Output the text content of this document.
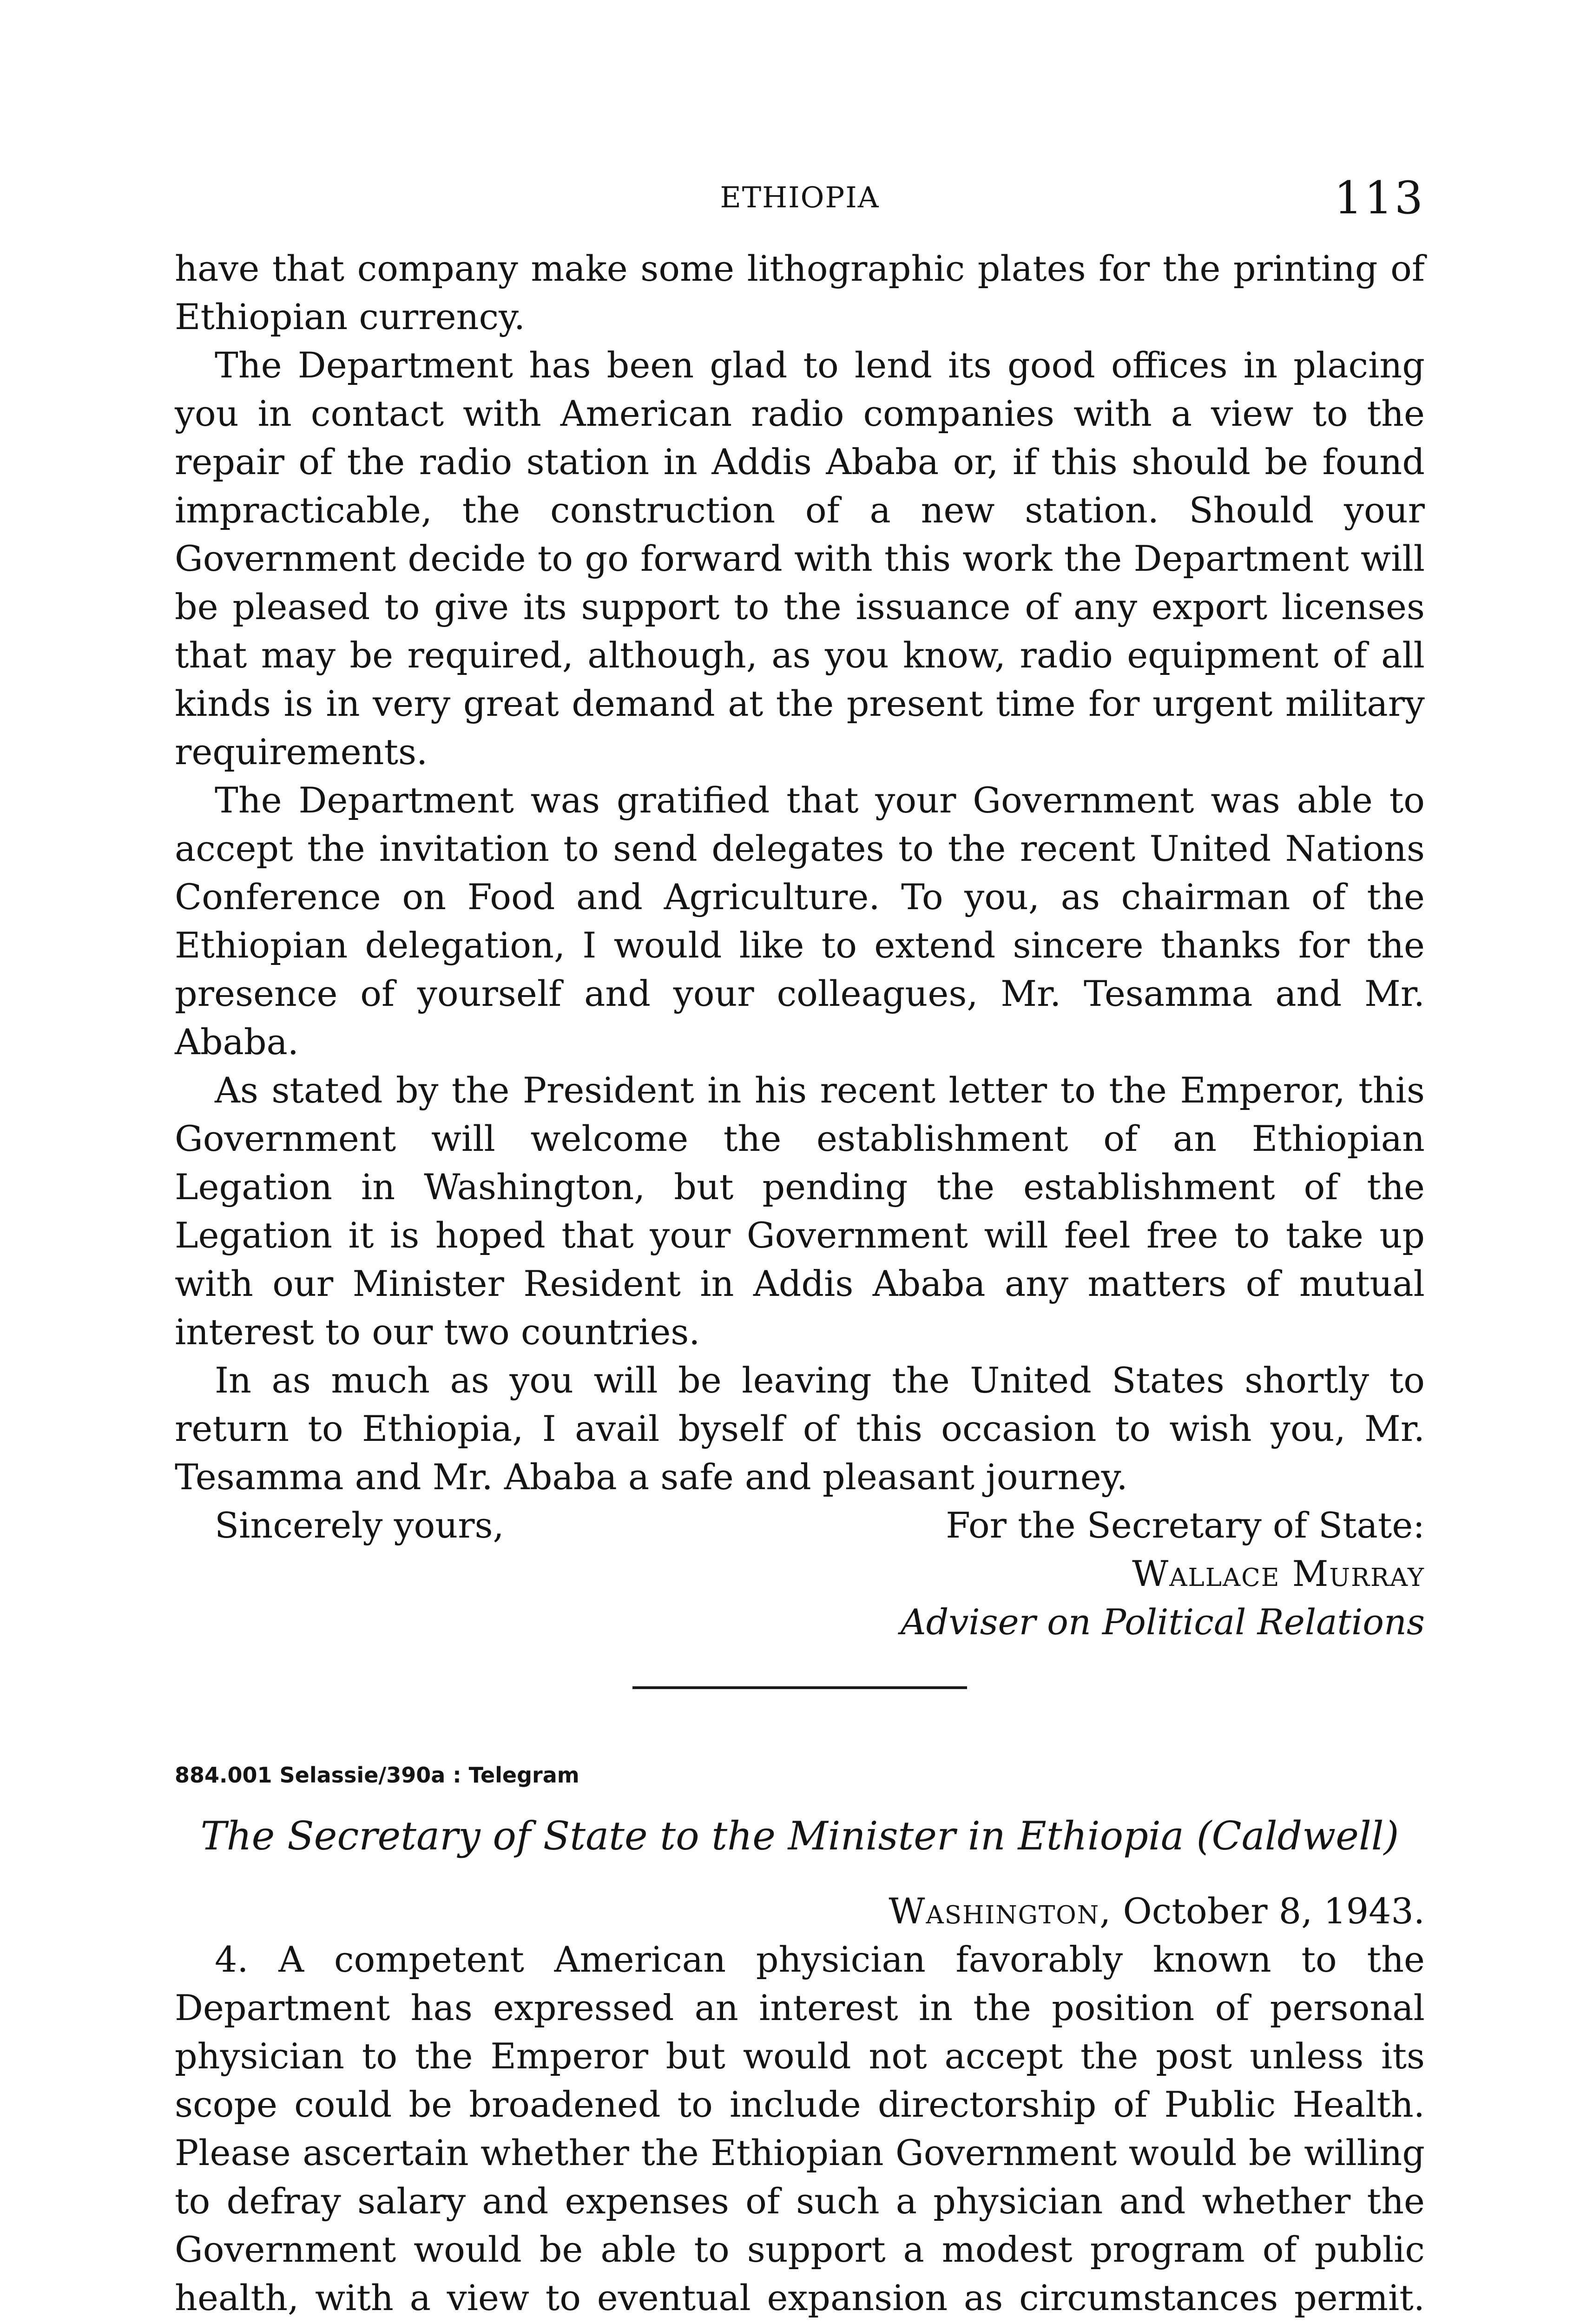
ETHIOPIA	113

have that company make some lithographic plates for the printing of Ethiopian currency.

The Department has been glad to lend its good offices in placing you in contact with American radio companies with a view to the repair of the radio station in Addis Ababa or, if this should be found impracticable, the construction of a new station. Should your Government decide to go forward with this work the Department will be pleased to give its support to the issuance of any export licenses that may be required, although, as you know, radio equipment of all kinds is in very great demand at the present time for urgent military requirements.

The Department was gratified that your Government was able to accept the invitation to send delegates to the recent United Nations Conference on Food and Agriculture. To you, as chairman of the Ethiopian delegation, I would like to extend sincere thanks for the presence of yourself and your colleagues, Mr. Tesamma and Mr. Ababa.

As stated by the President in his recent letter to the Emperor, this Government will welcome the establishment of an Ethiopian Legation in Washington, but pending the establishment of the Legation it is hoped that your Government will feel free to take up with our Minister Resident in Addis Ababa any matters of mutual interest to our two countries.

In as much as you will be leaving the United States shortly to return to Ethiopia, I avail byself of this occasion to wish you, Mr. Tesamma and Mr. Ababa a safe and pleasant journey.

Sincerely yours,	For the Secretary of State:
Wallace Murray
Adviser on Political Relations
884.001 Selassie/390a : Telegram
The Secretary of State to the Minister in Ethiopia (Caldwell)
Washington, October 8, 1943.

4. A competent American physician favorably known to the Department has expressed an interest in the position of personal physician to the Emperor but would not accept the post unless its scope could be broadened to include directorship of Public Health. Please ascertain whether the Ethiopian Government would be willing to defray salary and expenses of such a physician and whether the Government would be able to support a modest program of public health, with a view to eventual expansion as circumstances permit.
